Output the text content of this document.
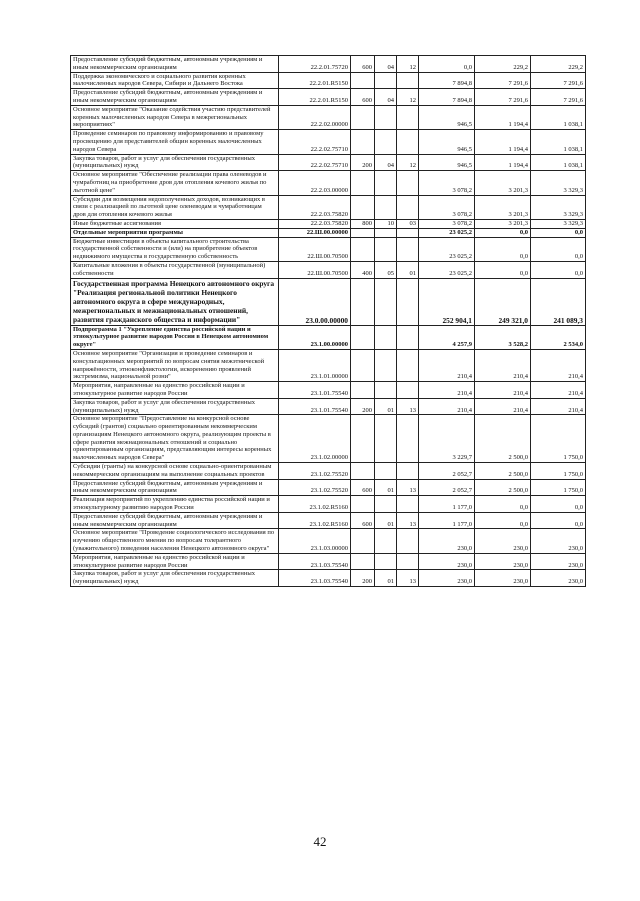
Предоставление субсидий бюджетным, автономным учреждениям и иным некоммерческим организациям	22.2.01.75720	600	04	12	0,0	229,2	229,2
Поддержка экономического и социального развития коренных малочисленных народов Севера, Сибири и Дальнего Востока	22.2.01.R5150				7 894,8	7 291,6	7 291,6
Предоставление субсидий бюджетным, автономным учреждениям и иным некоммерческим организациям	22.2.01.R5150	600	04	12	7 894,8	7 291,6	7 291,6
Основное мероприятие "Оказание содействия участию представителей коренных малочисленных народов Севера в межрегиональных мероприятиях"	22.2.02.00000				946,5	1 194,4	1 038,1
Проведение семинаров по правовому информированию и правовому просвещению для представителей общин коренных малочисленных народов Севера	22.2.02.75710				946,5	1 194,4	1 038,1
Закупка товаров, работ и услуг для обеспечения государственных (муниципальных) нужд	22.2.02.75710	200	04	12	946,5	1 194,4	1 038,1
Основное мероприятие "Обеспечение реализации права оленеводов и чумработниц на приобретение дров для отопления кочевого жилья по льготной цене"	22.2.03.00000				3 078,2	3 201,3	3 329,3
Субсидии для возмещения недополученных доходов, возникающих в связи с реализацией по льготной цене оленеводам и чумработницам дров для отопления кочевого жилья	22.2.03.75820				3 078,2	3 201,3	3 329,3
Иные бюджетные ассигнования	22.2.03.75820	800	10	03	3 078,2	3 201,3	3 329,3
Отдельные мероприятия программы	22.Ш.00.00000				23 025,2	0,0	0,0
Бюджетные инвестиции в объекты капитального строительства государственной собственности и (или) на приобретение объектов недвижимого имущества в государственную собственность	22.Ш.00.70500				23 025,2	0,0	0,0
Капитальные вложения в объекты государственной (муниципальной) собственности	22.Ш.00.70500	400	05	01	23 025,2	0,0	0,0
Государственная программа Ненецкого автономного округа "Реализация региональной политики Ненецкого автономного округа в сфере международных, межрегиональных и межнациональных отношений, развития гражданского общества и информации"	23.0.00.00000				252 904,1	249 321,0	241 089,3
Подпрограмма 1 "Укрепление единства российской нации и этнокультурное развитие народов России в Ненецком автономном округе"	23.1.00.00000				4 257,9	3 528,2	2 534,0
Основное мероприятие "Организация и проведение семинаров и консультационных мероприятий по вопросам снятия межэтнической напряжённости, этноконфликтологии, искоренению проявлений экстремизма, национальной розни"	23.1.01.00000				210,4	210,4	210,4
Мероприятия, направленные на единство российской нации и этнокультурное развитие народов России	23.1.01.75540				210,4	210,4	210,4
Закупка товаров, работ и услуг для обеспечения государственных (муниципальных) нужд	23.1.01.75540	200	01	13	210,4	210,4	210,4
Основное мероприятие "Предоставление на конкурсной основе субсидий (грантов) социально ориентированным некоммерческим организациям Ненецкого автономного округа, реализующим проекты в сфере развития межнациональных отношений и социально ориентированным организациям, представляющим интересы коренных малочисленных народов Севера"	23.1.02.00000				3 229,7	2 500,0	1 750,0
Субсидии (гранты) на конкурсной основе социально-ориентированным некоммерческим организациям на выполнение социальных проектов	23.1.02.75520				2 052,7	2 500,0	1 750,0
Предоставление субсидий бюджетным, автономным учреждениям и иным некоммерческим организациям	23.1.02.75520	600	01	13	2 052,7	2 500,0	1 750,0
Реализация мероприятий по укреплению единства российской нации и этнокультурному развитию народов России	23.1.02.R5160				1 177,0	0,0	0,0
Предоставление субсидий бюджетным, автономным учреждениям и иным некоммерческим организациям	23.1.02.R5160	600	01	13	1 177,0	0,0	0,0
Основное мероприятие "Проведение социологического исследования по изучению общественного мнения по вопросам толерантного (уважительного) поведения населения Ненецкого автономного округа"	23.1.03.00000				230,0	230,0	230,0
Мероприятия, направленные на единство российской нации и этнокультурное развитие народов России	23.1.03.75540				230,0	230,0	230,0
Закупка товаров, работ и услуг для обеспечения государственных (муниципальных) нужд	23.1.03.75540	200	01	13	230,0	230,0	230,0
42
